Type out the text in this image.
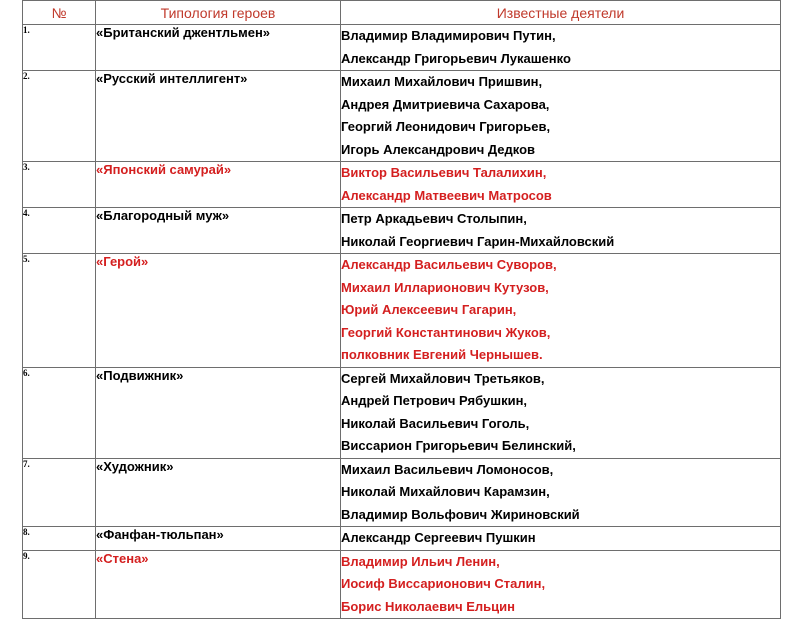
№	Типология героев	Известные деятели
1.	«Британский джентльмен»	Владимир Владимирович Путин,
Александр Григорьевич Лукашенко

2.	«Русский интеллигент»	Михаил Михайлович Пришвин,
Андрея Дмитриевича Сахарова,
Георгий Леонидович Григорьев,
Игорь Александрович Дедков

3.	«Японский самурай»	Виктор Васильевич Талалихин,
Александр Матвеевич Матросов

4.	«Благородный муж»	Петр Аркадьевич Столыпин,
Николай Георгиевич Гарин-Михайловский

5.	«Герой»	Александр Васильевич Суворов,
Михаил Илларионович Кутузов,
Юрий Алексеевич Гагарин,
Георгий Константинович Жуков,
полковник Евгений Чернышев.

6.	«Подвижник»	Сергей Михайлович Третьяков,
Андрей Петрович Рябушкин,
Николай Васильевич Гоголь,
Виссарион Григорьевич Белинский,

7.	«Художник»	Михаил Васильевич Ломоносов,
Николай Михайлович Карамзин,
Владимир Вольфович Жириновский

8.	«Фанфан-тюльпан»	Александр Сергеевич Пушкин

9.	«Стена»	Владимир Ильич Ленин,
Иосиф Виссарионович Сталин,
Борис Николаевич Ельцин
